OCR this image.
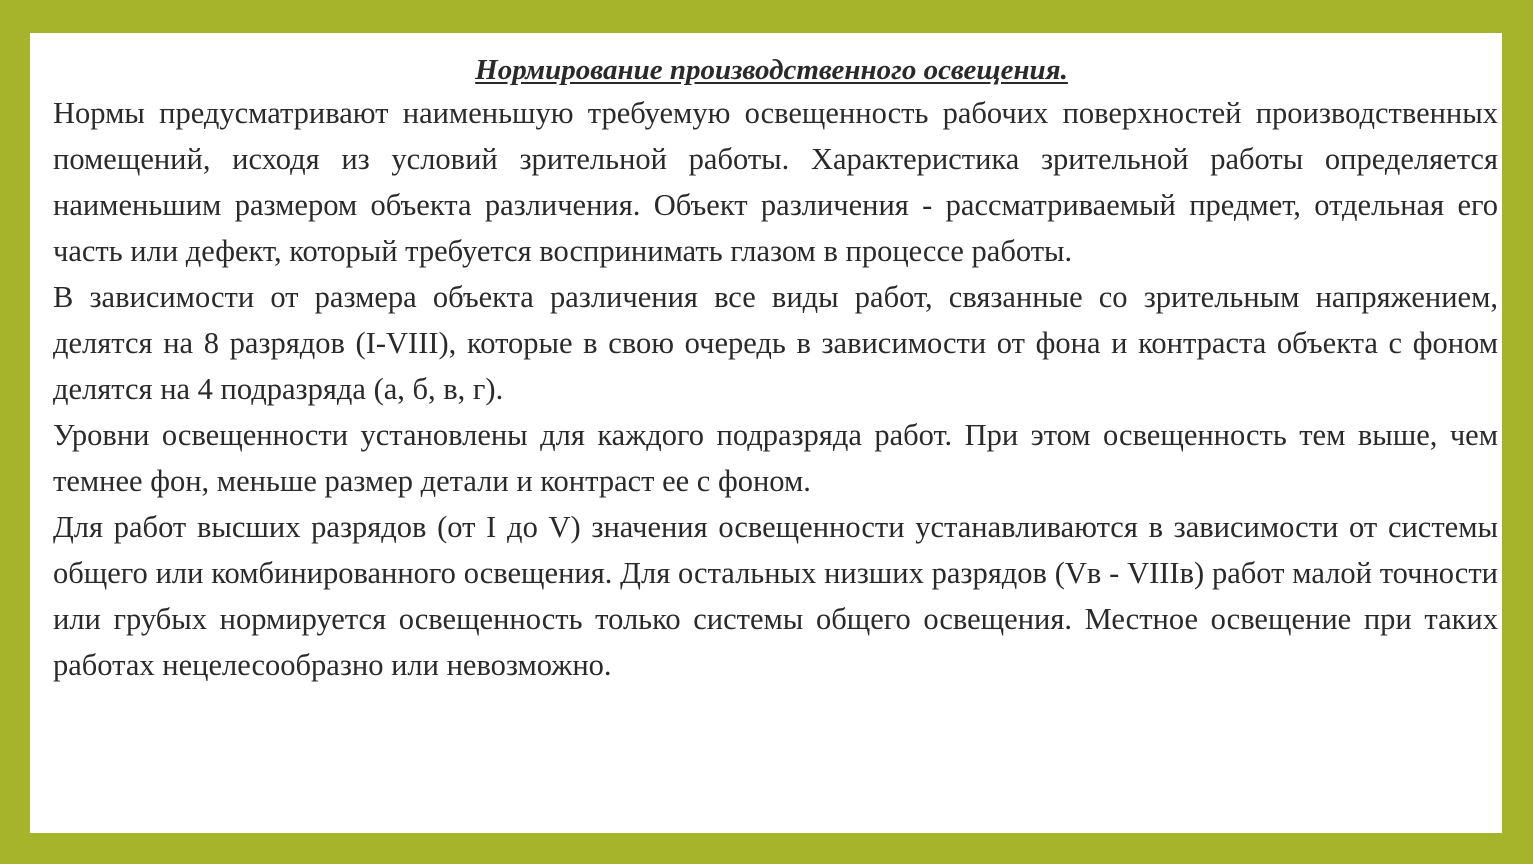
Нормирование производственного освещения.

Нормы предусматривают наименьшую требуемую освещенность рабочих поверхностей производственных помещений, исходя из условий зрительной работы. Характеристика зрительной работы определяется наименьшим размером объекта различения. Объект различения - рассматриваемый предмет, отдельная его часть или дефект, который требуется воспринимать глазом в процессе работы.

В зависимости от размера объекта различения все виды работ, связанные со зрительным напряжением, делятся на 8 разрядов (I-VIII), которые в свою очередь в зависимости от фона и контраста объекта с фоном делятся на 4 подразряда (а, б, в, г).

Уровни освещенности установлены для каждого подразряда работ. При этом освещенность тем выше, чем темнее фон, меньше размер детали и контраст ее с фоном.

Для работ высших разрядов (от I до V) значения освещенности устанавливаются в зависимости от системы общего или комбинированного освещения. Для остальных низших разрядов (Vв - VIIIв) работ малой точности или грубых нормируется освещенность только системы общего освещения. Местное освещение при таких работах нецелесообразно или невозможно.
